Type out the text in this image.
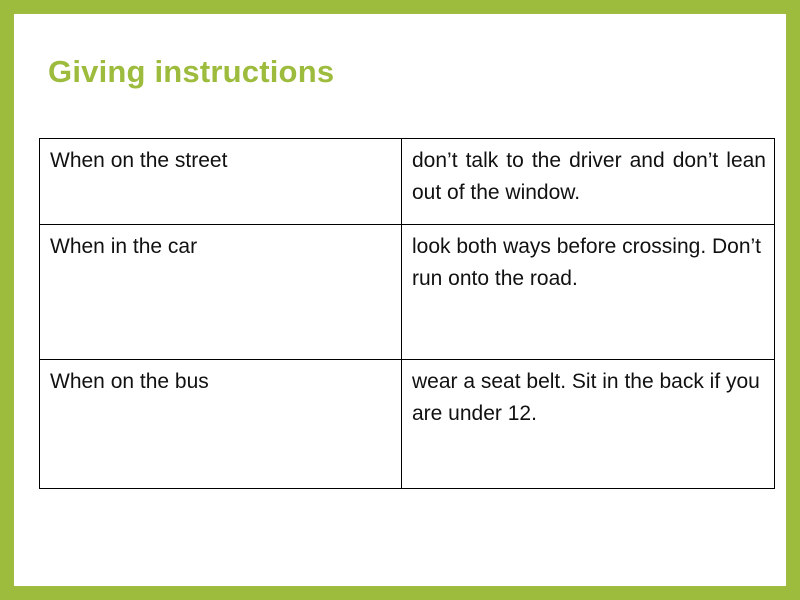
Giving instructions
When on the street	don’t talk to the driver and don’t lean out of the window.
When in the car	look both ways before crossing. Don’t run onto the road.
When on the bus	wear a seat belt. Sit in the back if you are under 12.
